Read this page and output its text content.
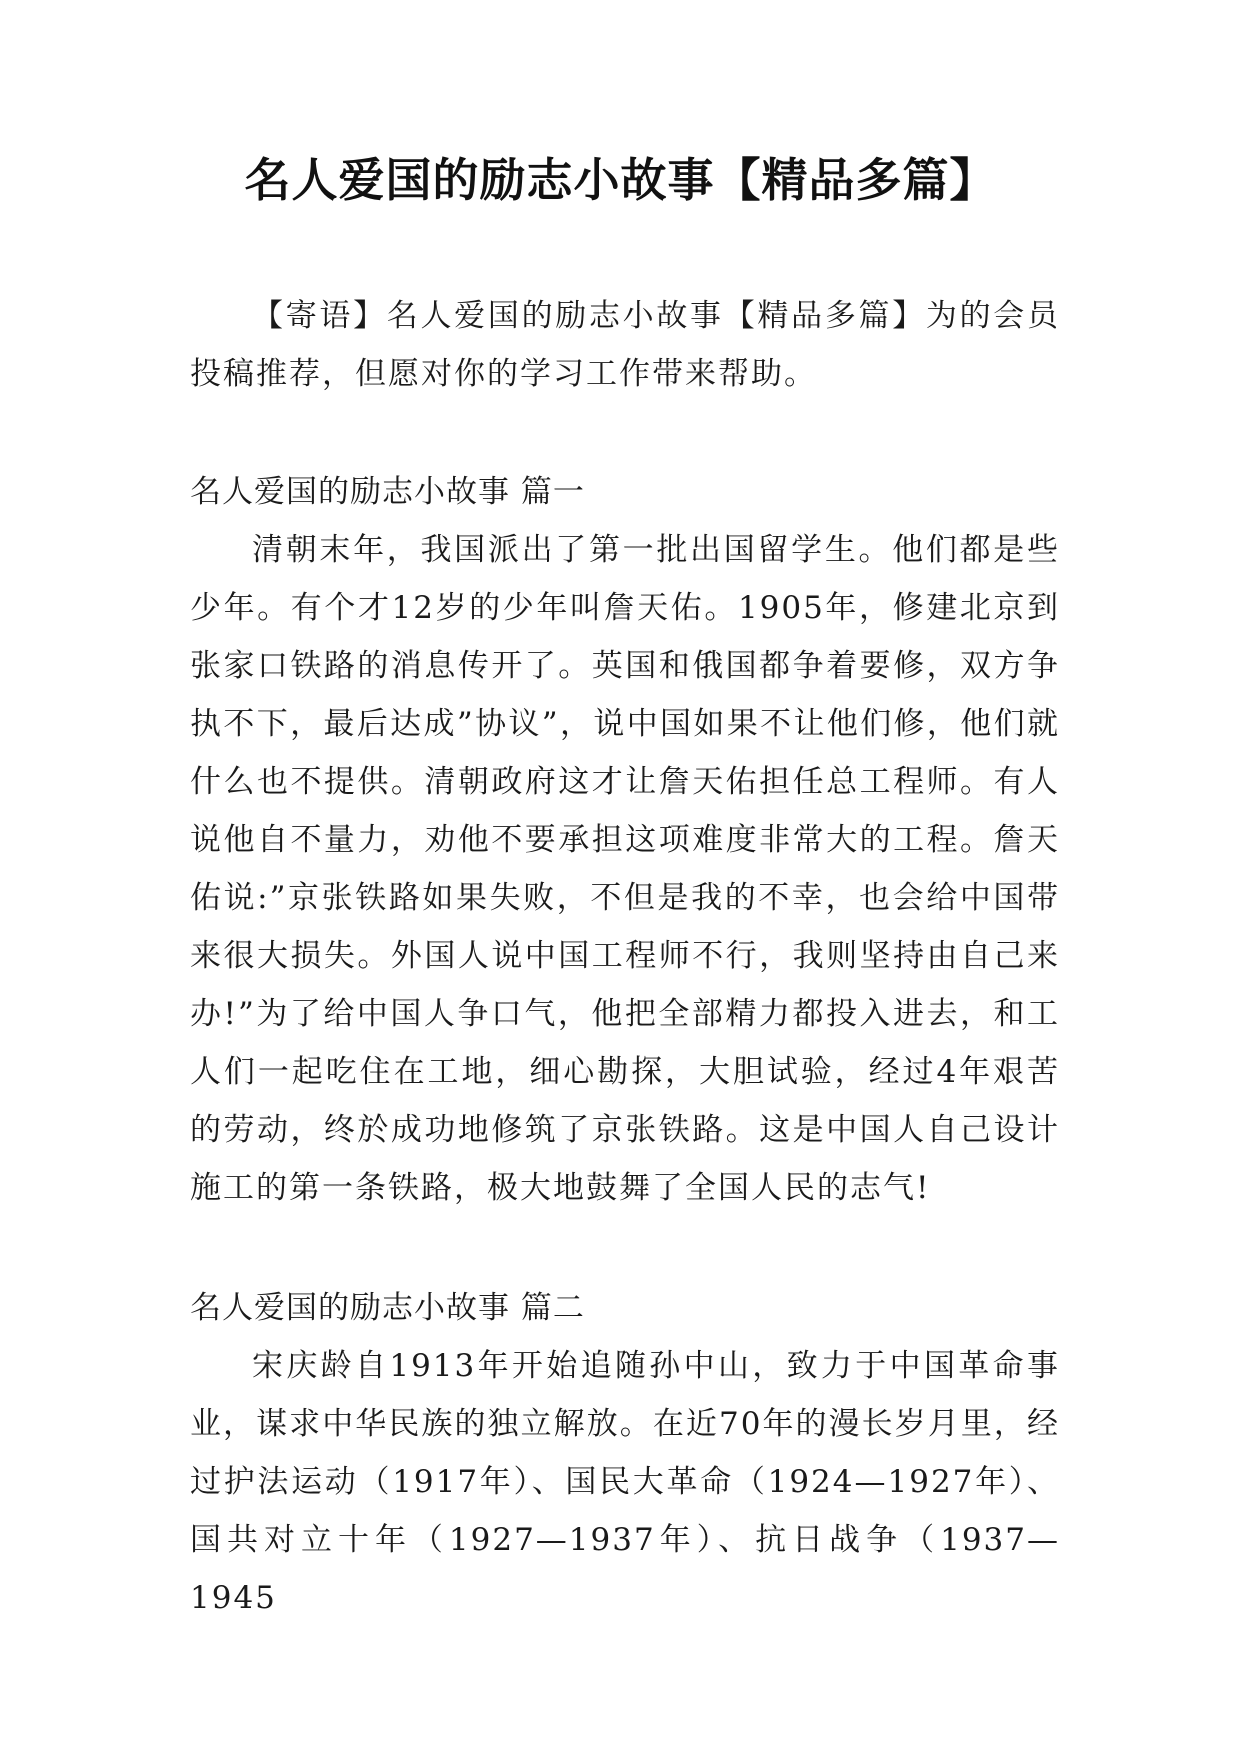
名人爱国的励志小故事【精品多篇】
【寄语】名人爱国的励志小故事【精品多篇】为的会员投稿推荐，但愿对你的学习工作带来帮助。
名人爱国的励志小故事 篇一
清朝末年，我国派出了第一批出国留学生。他们都是些少年。有个才12岁的少年叫詹天佑。1905年，修建北京到张家口铁路的消息传开了。英国和俄国都争着要修，双方争执不下，最后达成”协议”，说中国如果不让他们修，他们就什么也不提供。清朝政府这才让詹天佑担任总工程师。有人说他自不量力，劝他不要承担这项难度非常大的工程。詹天佑说:”京张铁路如果失败，不但是我的不幸，也会给中国带来很大损失。外国人说中国工程师不行，我则坚持由自己来办!”为了给中国人争口气，他把全部精力都投入进去，和工人们一起吃住在工地，细心勘探，大胆试验，经过4年艰苦的劳动，终於成功地修筑了京张铁路。这是中国人自己设计施工的第一条铁路，极大地鼓舞了全国人民的志气!
名人爱国的励志小故事 篇二
宋庆龄自1913年开始追随孙中山，致力于中国革命事业，谋求中华民族的独立解放。在近70年的漫长岁月里，经过护法运动（1917年）、国民大革命（1924—1927年）、国共对立十年（1927—1937年）、抗日战争（1937—1945
